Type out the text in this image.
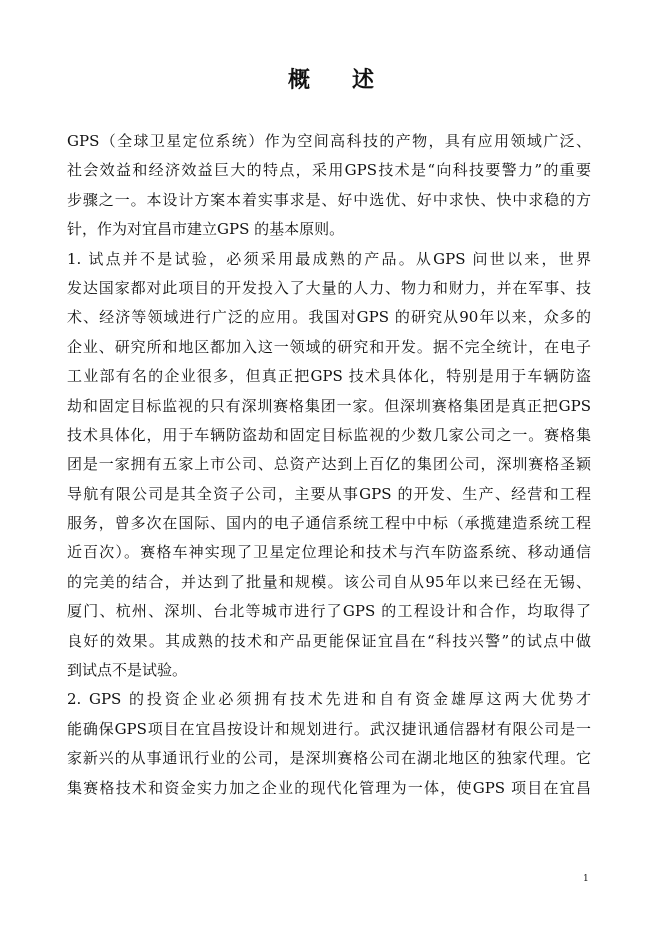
概 述
GPS（全球卫星定位系统）作为空间高科技的产物，具有应用领域广泛、
社会效益和经济效益巨大的特点，采用GPS技术是“向科技要警力”的重要
步骤之一。本设计方案本着实事求是、好中选优、好中求快、快中求稳的方
针，作为对宜昌市建立GPS 的基本原则。
1. 试点并不是试验，必须采用最成熟的产品。从GPS 问世以来，世界
发达国家都对此项目的开发投入了大量的人力、物力和财力，并在军事、技
术、经济等领域进行广泛的应用。我国对GPS 的研究从90年以来，众多的
企业、研究所和地区都加入这一领域的研究和开发。据不完全统计，在电子
工业部有名的企业很多，但真正把GPS 技术具体化，特别是用于车辆防盗
劫和固定目标监视的只有深圳赛格集团一家。但深圳赛格集团是真正把GPS
技术具体化，用于车辆防盗劫和固定目标监视的少数几家公司之一。赛格集
团是一家拥有五家上市公司、总资产达到上百亿的集团公司，深圳赛格圣颖
导航有限公司是其全资子公司，主要从事GPS 的开发、生产、经营和工程
服务，曾多次在国际、国内的电子通信系统工程中中标（承揽建造系统工程
近百次）。赛格车神实现了卫星定位理论和技术与汽车防盗系统、移动通信
的完美的结合，并达到了批量和规模。该公司自从95年以来已经在无锡、
厦门、杭州、深圳、台北等城市进行了GPS 的工程设计和合作，均取得了
良好的效果。其成熟的技术和产品更能保证宜昌在“科技兴警”的试点中做
到试点不是试验。
2. GPS 的投资企业必须拥有技术先进和自有资金雄厚这两大优势才
能确保GPS项目在宜昌按设计和规划进行。武汉捷讯通信器材有限公司是一
家新兴的从事通讯行业的公司，是深圳赛格公司在湖北地区的独家代理。它
集赛格技术和资金实力加之企业的现代化管理为一体，使GPS 项目在宜昌
1
